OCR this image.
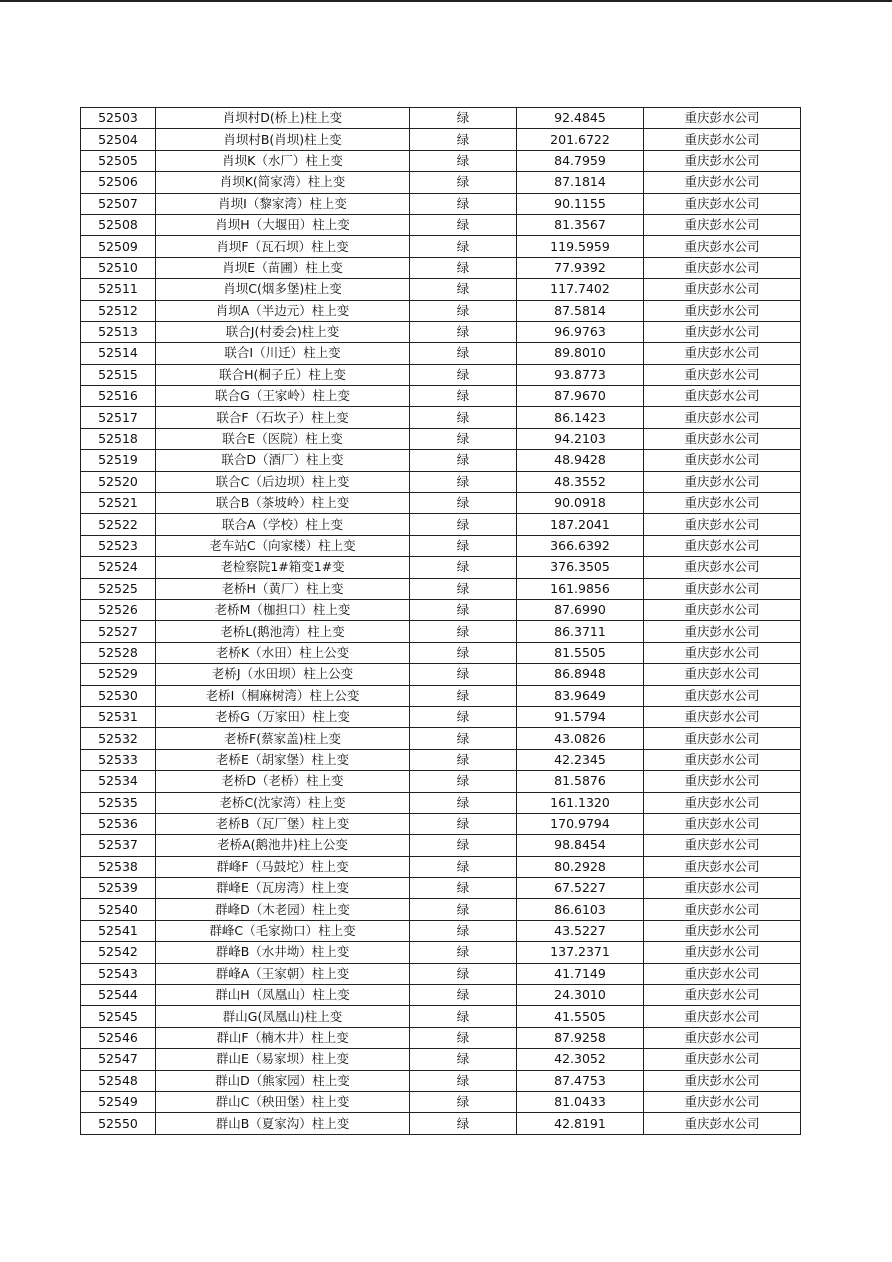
52503	肖坝村D(桥上)柱上变	绿	92.4845	重庆彭水公司
52504	肖坝村B(肖坝)柱上变	绿	201.6722	重庆彭水公司
52505	肖坝K（水厂）柱上变	绿	84.7959	重庆彭水公司
52506	肖坝K(简家湾）柱上变	绿	87.1814	重庆彭水公司
52507	肖坝I（黎家湾）柱上变	绿	90.1155	重庆彭水公司
52508	肖坝H（大堰田）柱上变	绿	81.3567	重庆彭水公司
52509	肖坝F（瓦石坝）柱上变	绿	119.5959	重庆彭水公司
52510	肖坝E（苗圃）柱上变	绿	77.9392	重庆彭水公司
52511	肖坝C(烟多堡)柱上变	绿	117.7402	重庆彭水公司
52512	肖坝A（半边元）柱上变	绿	87.5814	重庆彭水公司
52513	联合J(村委会)柱上变	绿	96.9763	重庆彭水公司
52514	联合I（川迁）柱上变	绿	89.8010	重庆彭水公司
52515	联合H(桐子丘）柱上变	绿	93.8773	重庆彭水公司
52516	联合G（王家岭）柱上变	绿	87.9670	重庆彭水公司
52517	联合F（石坎子）柱上变	绿	86.1423	重庆彭水公司
52518	联合E（医院）柱上变	绿	94.2103	重庆彭水公司
52519	联合D（酒厂）柱上变	绿	48.9428	重庆彭水公司
52520	联合C（后边坝）柱上变	绿	48.3552	重庆彭水公司
52521	联合B（茶坡岭）柱上变	绿	90.0918	重庆彭水公司
52522	联合A（学校）柱上变	绿	187.2041	重庆彭水公司
52523	老车站C（向家楼）柱上变	绿	366.6392	重庆彭水公司
52524	老检察院1#箱变1#变	绿	376.3505	重庆彭水公司
52525	老桥H（黄厂）柱上变	绿	161.9856	重庆彭水公司
52526	老桥M（枷担口）柱上变	绿	87.6990	重庆彭水公司
52527	老桥L(鹅池湾）柱上变	绿	86.3711	重庆彭水公司
52528	老桥K（水田）柱上公变	绿	81.5505	重庆彭水公司
52529	老桥J（水田坝）柱上公变	绿	86.8948	重庆彭水公司
52530	老桥I（桐麻树湾）柱上公变	绿	83.9649	重庆彭水公司
52531	老桥G（万家田）柱上变	绿	91.5794	重庆彭水公司
52532	老桥F(蔡家盖)柱上变	绿	43.0826	重庆彭水公司
52533	老桥E（胡家堡）柱上变	绿	42.2345	重庆彭水公司
52534	老桥D（老桥）柱上变	绿	81.5876	重庆彭水公司
52535	老桥C(沈家湾）柱上变	绿	161.1320	重庆彭水公司
52536	老桥B（瓦厂堡）柱上变	绿	170.9794	重庆彭水公司
52537	老桥A(鹅池井)柱上公变	绿	98.8454	重庆彭水公司
52538	群峰F（马鼓坨）柱上变	绿	80.2928	重庆彭水公司
52539	群峰E（瓦房湾）柱上变	绿	67.5227	重庆彭水公司
52540	群峰D（木老园）柱上变	绿	86.6103	重庆彭水公司
52541	群峰C（毛家拗口）柱上变	绿	43.5227	重庆彭水公司
52542	群峰B（水井坳）柱上变	绿	137.2371	重庆彭水公司
52543	群峰A（王家朝）柱上变	绿	41.7149	重庆彭水公司
52544	群山H（凤凰山）柱上变	绿	24.3010	重庆彭水公司
52545	群山G(凤凰山)柱上变	绿	41.5505	重庆彭水公司
52546	群山F（楠木井）柱上变	绿	87.9258	重庆彭水公司
52547	群山E（易家坝）柱上变	绿	42.3052	重庆彭水公司
52548	群山D（熊家园）柱上变	绿	87.4753	重庆彭水公司
52549	群山C（秧田堡）柱上变	绿	81.0433	重庆彭水公司
52550	群山B（夏家沟）柱上变	绿	42.8191	重庆彭水公司
